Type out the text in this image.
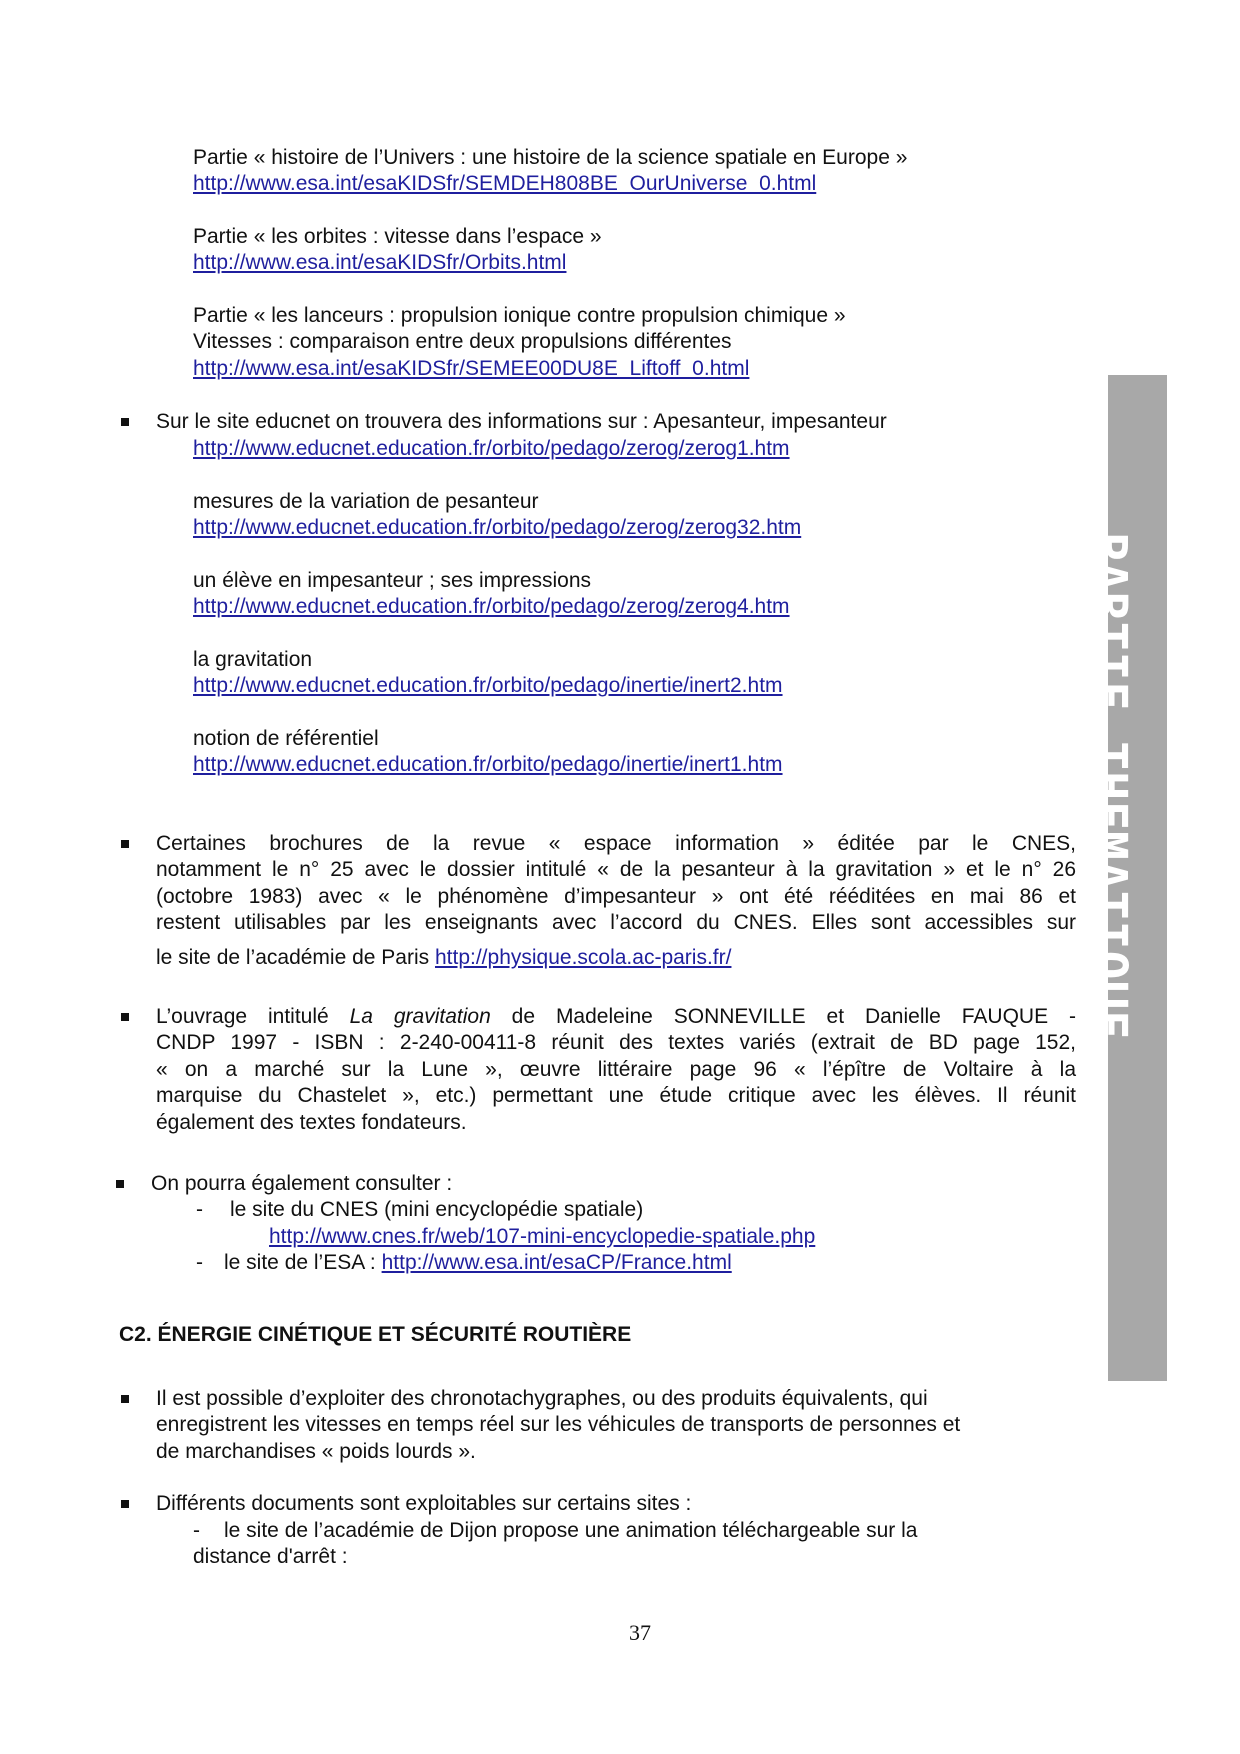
Partie « histoire de l’Univers : une histoire de la science spatiale en Europe »
http://www.esa.int/esaKIDSfr/SEMDEH808BE_OurUniverse_0.html
Partie « les orbites : vitesse dans l’espace »
http://www.esa.int/esaKIDSfr/Orbits.html
Partie « les lanceurs : propulsion ionique contre propulsion chimique »
Vitesses : comparaison entre deux propulsions différentes
http://www.esa.int/esaKIDSfr/SEMEE00DU8E_Liftoff_0.html
Sur le site educnet on trouvera des informations sur : Apesanteur, impesanteur
http://www.educnet.education.fr/orbito/pedago/zerog/zerog1.htm
mesures de la variation de pesanteur
http://www.educnet.education.fr/orbito/pedago/zerog/zerog32.htm
un élève en impesanteur ; ses impressions
http://www.educnet.education.fr/orbito/pedago/zerog/zerog4.htm
la gravitation
http://www.educnet.education.fr/orbito/pedago/inertie/inert2.htm
notion de référentiel
http://www.educnet.education.fr/orbito/pedago/inertie/inert1.htm
Certaines brochures de la revue « espace information » éditée par le CNES,
notamment le n° 25 avec le dossier intitulé « de la pesanteur à la gravitation » et le n° 26
(octobre 1983) avec « le phénomène d’impesanteur » ont été rééditées en mai 86 et
restent utilisables par les enseignants avec l’accord du CNES. Elles sont accessibles sur
le site de l’académie de Paris http://physique.scola.ac-paris.fr/
L’ouvrage intitulé La gravitation de Madeleine SONNEVILLE et Danielle FAUQUE -
CNDP 1997 - ISBN : 2-240-00411-8 réunit des textes variés (extrait de BD page 152,
« on a marché sur la Lune », œuvre littéraire page 96 « l’épître de Voltaire à la
marquise du Chastelet », etc.) permettant une étude critique avec les élèves. Il réunit
également des textes fondateurs.
On pourra également consulter :
- le site du CNES (mini encyclopédie spatiale)
http://www.cnes.fr/web/107-mini-encyclopedie-spatiale.php
- le site de l’ESA : http://www.esa.int/esaCP/France.html
C2. ÉNERGIE CINÉTIQUE ET SÉCURITÉ ROUTIÈRE
Il est possible d’exploiter des chronotachygraphes, ou des produits équivalents, qui
enregistrent les vitesses en temps réel sur les véhicules de transports de personnes et
de marchandises « poids lourds ».
Différents documents sont exploitables sur certains sites :
- le site de l’académie de Dijon propose une animation téléchargeable sur la
distance d'arrêt :
PARTIE THEMATIQUE
37
